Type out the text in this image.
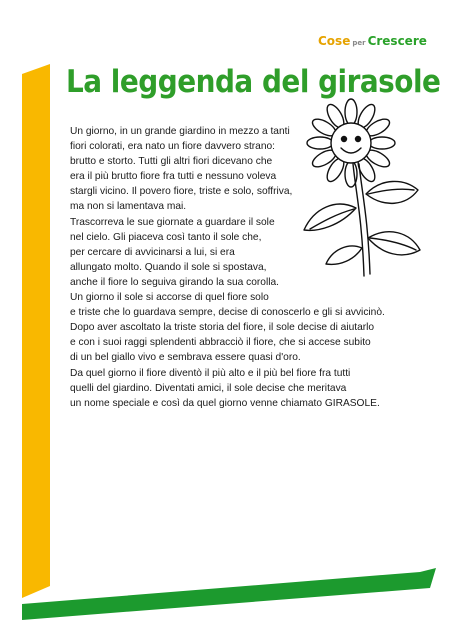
Cose per Crescere
La leggenda del girasole
Un giorno, in un grande giardino in mezzo a tanti
fiori colorati, era nato un fiore davvero strano:
brutto e storto. Tutti gli altri fiori dicevano che
era il più brutto fiore fra tutti e nessuno voleva
stargli vicino. Il povero fiore, triste e solo, soffriva,
ma non si lamentava mai.
Trascorreva le sue giornate a guardare il sole
nel cielo. Gli piaceva così tanto il sole che,
per cercare di avvicinarsi a lui, si era
allungato molto. Quando il sole si spostava,
anche il fiore lo seguiva girando la sua corolla.
Un giorno il sole si accorse di quel fiore solo
e triste che lo guardava sempre, decise di conoscerlo e gli si avvicinò.
Dopo aver ascoltato la triste storia del fiore, il sole decise di aiutarlo
e con i suoi raggi splendenti abbracciò il fiore, che si accese subito
di un bel giallo vivo e sembrava essere quasi d'oro.
Da quel giorno il fiore diventò il più alto e il più bel fiore fra tutti
quelli del giardino. Diventati amici, il sole decise che meritava
un nome speciale e così da quel giorno venne chiamato GIRASOLE.
